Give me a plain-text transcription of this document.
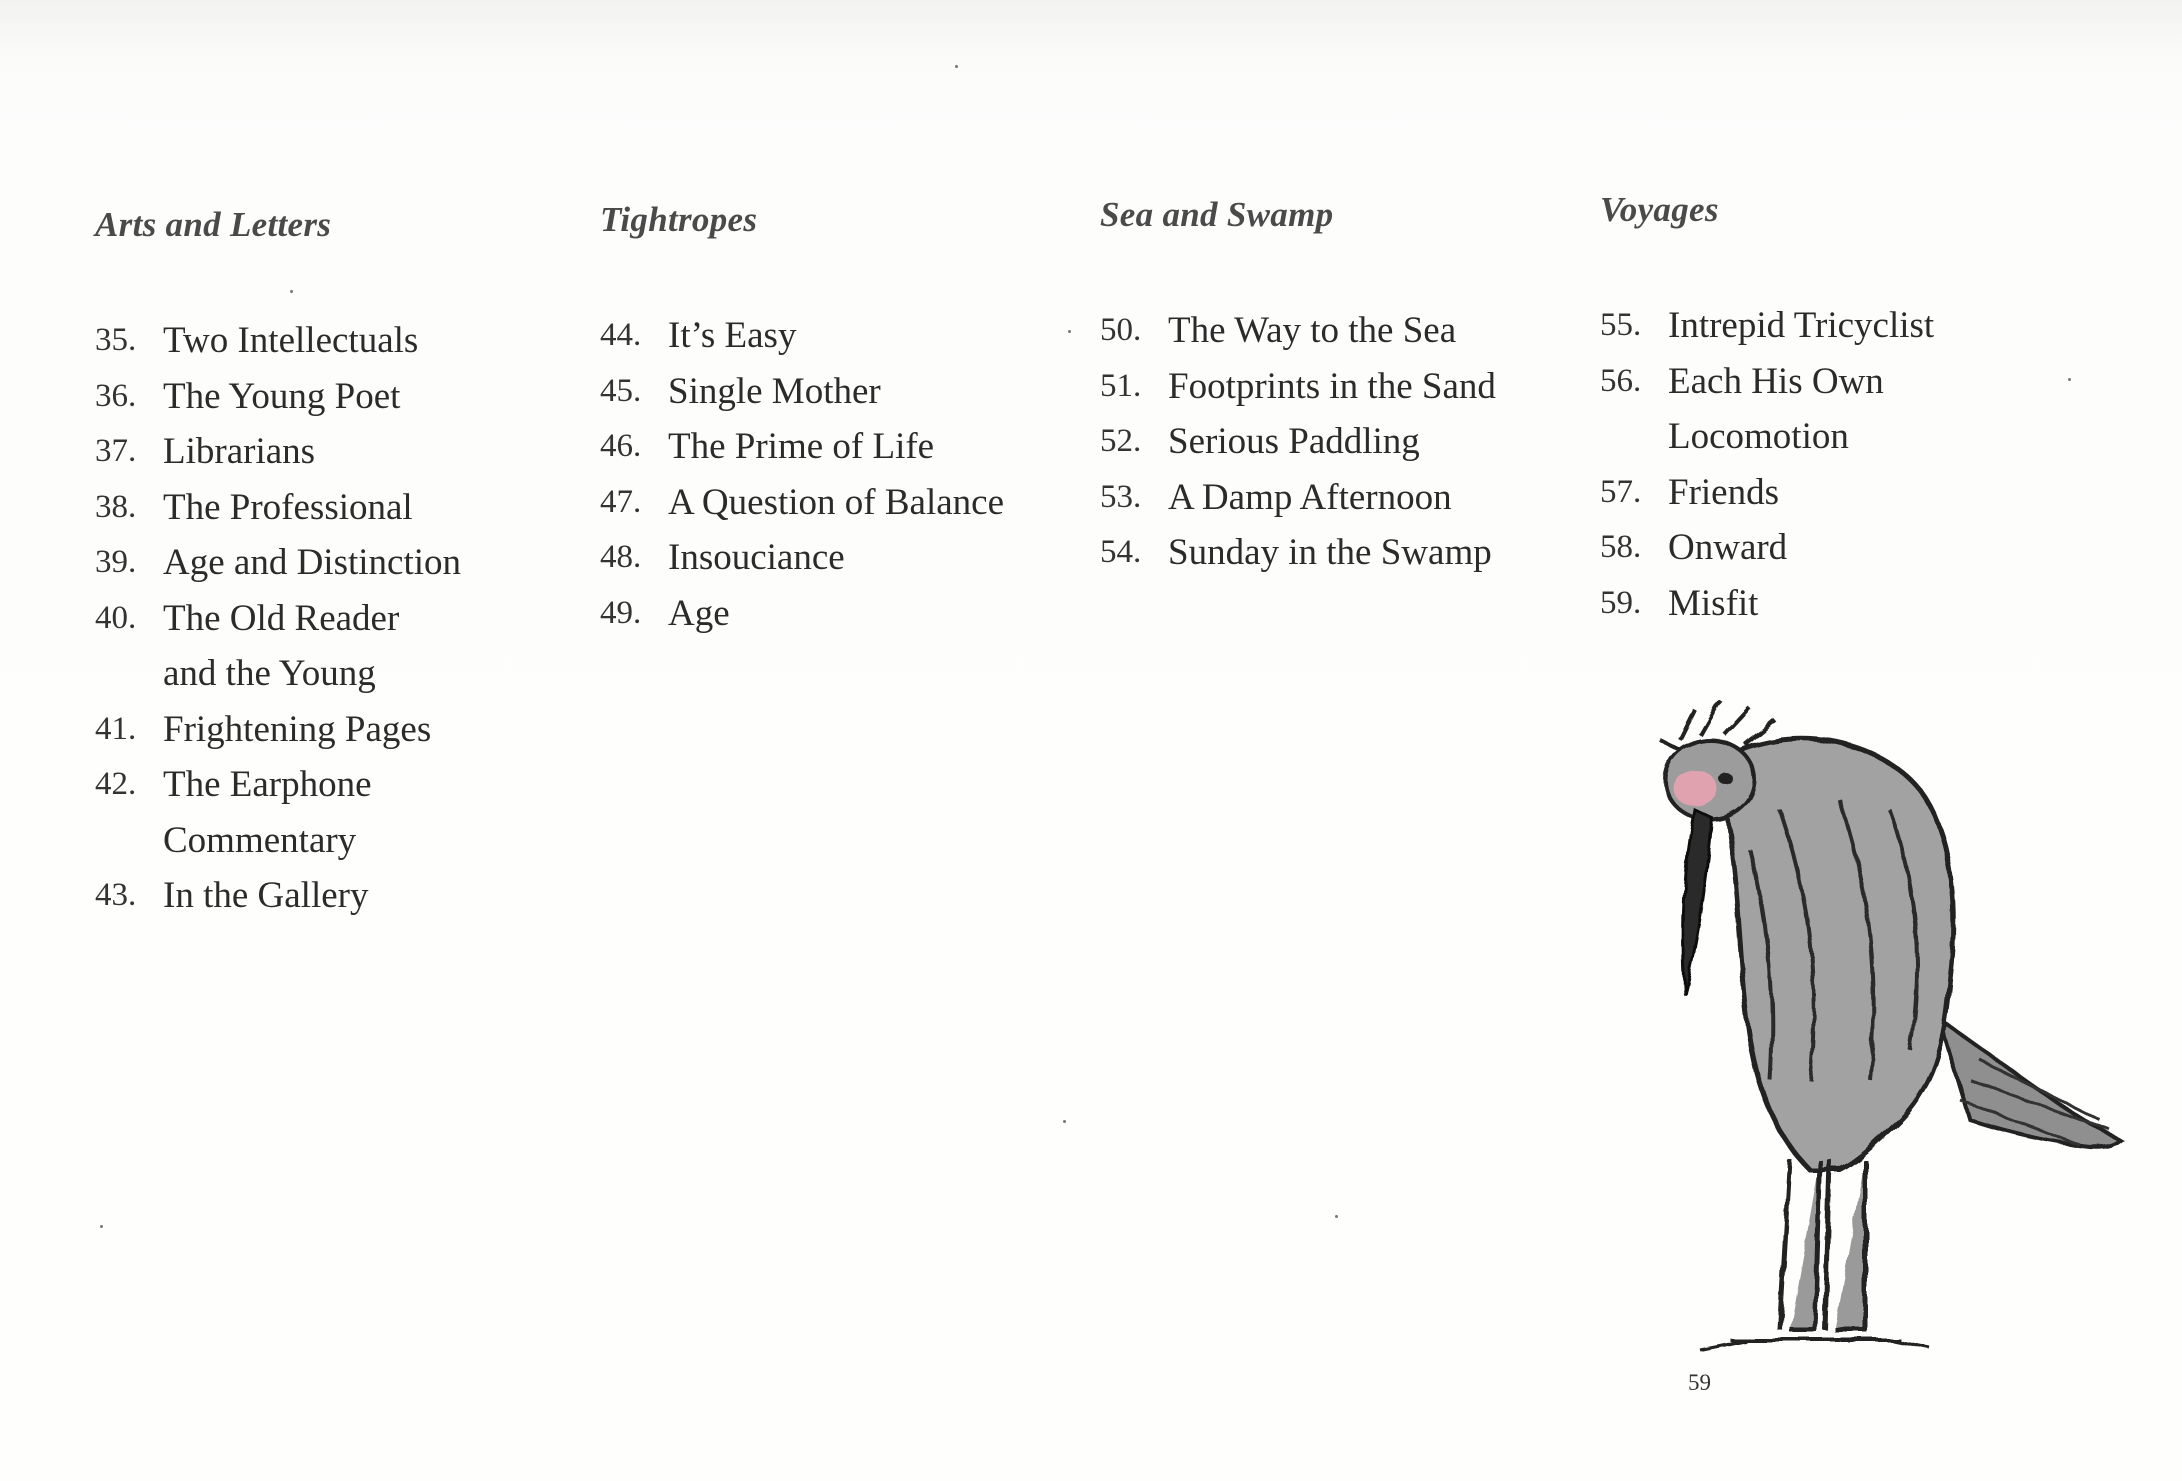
Arts and Letters
35. Two Intellectuals
36. The Young Poet
37. Librarians
38. The Professional
39. Age and Distinction
40. The Old Reader and the Young
41. Frightening Pages
42. The Earphone Commentary
43. In the Gallery
Tightropes
44. It’s Easy
45. Single Mother
46. The Prime of Life
47. A Question of Balance
48. Insouciance
49. Age
Sea and Swamp
50. The Way to the Sea
51. Footprints in the Sand
52. Serious Paddling
53. A Damp Afternoon
54. Sunday in the Swamp
Voyages
55. Intrepid Tricyclist
56. Each His Own Locomotion
57. Friends
58. Onward
59. Misfit
59
